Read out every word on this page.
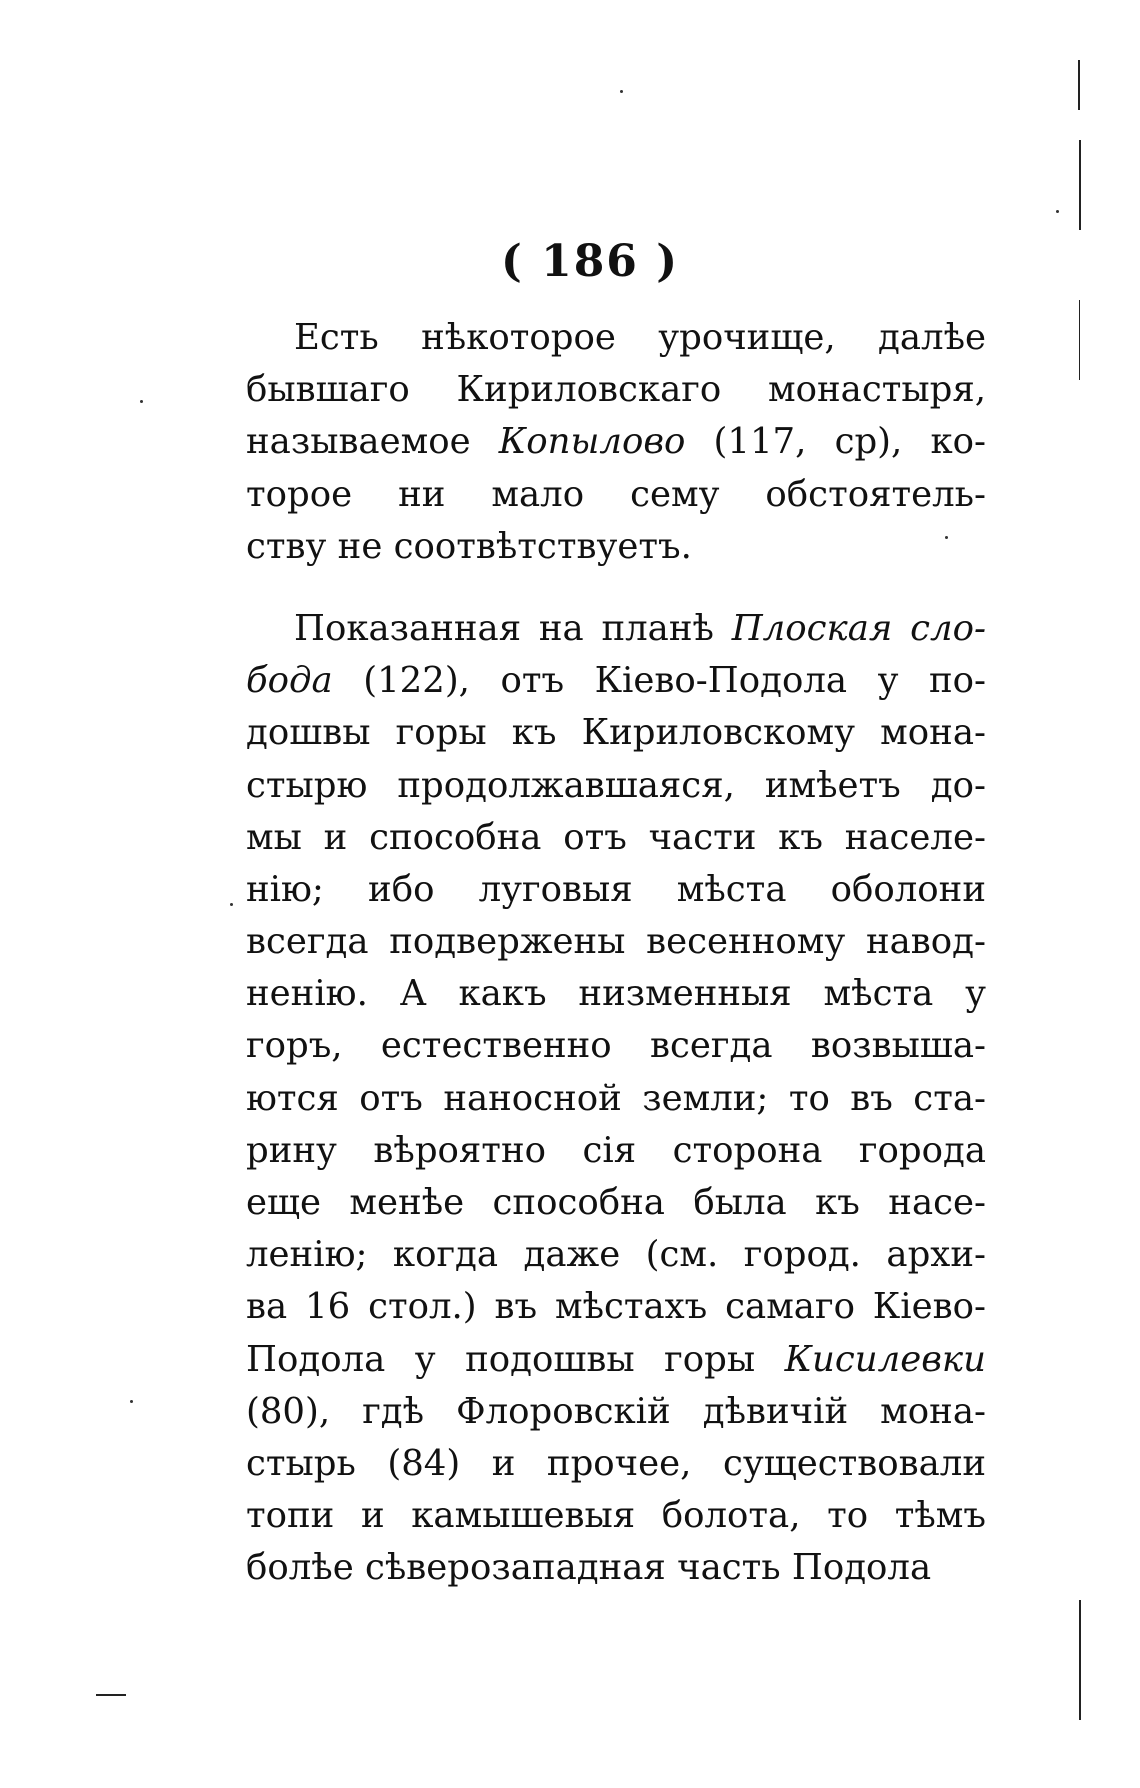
( 186 )
Есть нѣкоторое урочище, далѣе
бывшаго Кириловскаго монастыря,
называемое Копылово (117, ср), ко-
торое ни мало сему обстоятель-
ству не соотвѣтствуетъ.
Показанная на планѣ Плоская сло-
бода (122), отъ Кіево-Подола у по-
дошвы горы къ Кириловскому мона-
стырю продолжавшаяся, имѣетъ до-
мы и способна отъ части къ населе-
нію; ибо луговыя мѣста оболони
всегда подвержены весенному навод-
ненію. А какъ низменныя мѣста у
горъ, естественно всегда возвыша-
ются отъ наносной земли; то въ ста-
рину вѣроятно сія сторона города
еще менѣе способна была къ насе-
ленію; когда даже (см. город. архи-
ва 16 стол.) въ мѣстахъ самаго Кіево-
Подола у подошвы горы Кисилевки
(80), гдѣ Флоровскій дѣвичій мона-
стырь (84) и прочее, существовали
топи и камышевыя болота, то тѣмъ
болѣе сѣверозападная часть Подола
